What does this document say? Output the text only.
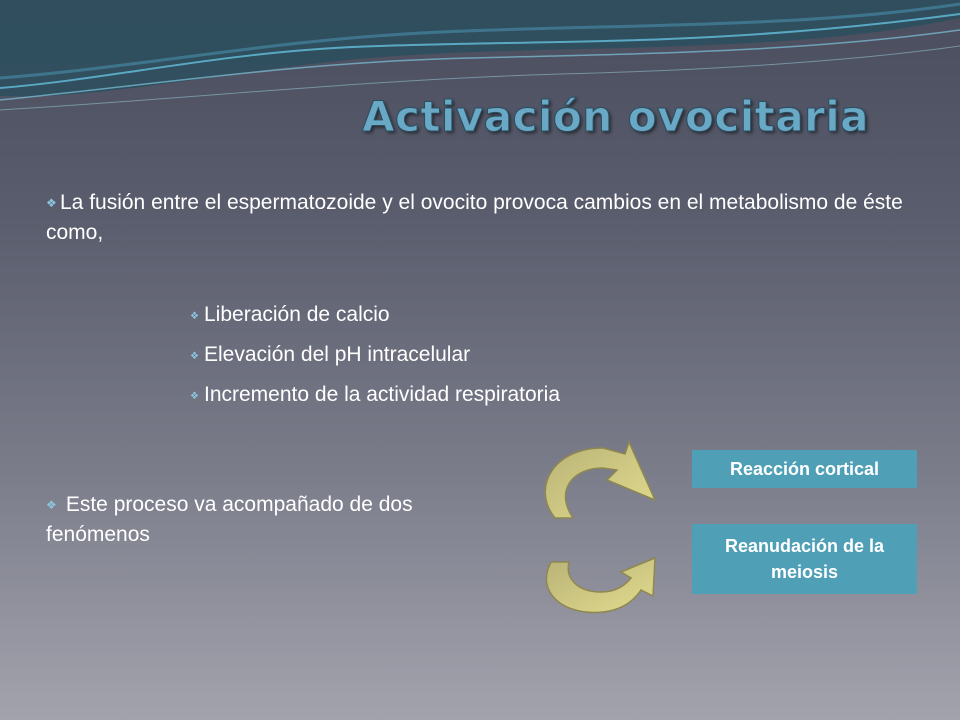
Activación ovocitaria

❖ La fusión entre el espermatozoide y el ovocito provoca cambios en el metabolismo de éste como,

❖ Liberación de calcio
❖ Elevación del pH intracelular
❖ Incremento de la actividad respiratoria

❖ Este proceso va acompañado de dos fenómenos

Reacción cortical
Reanudación de la meiosis
